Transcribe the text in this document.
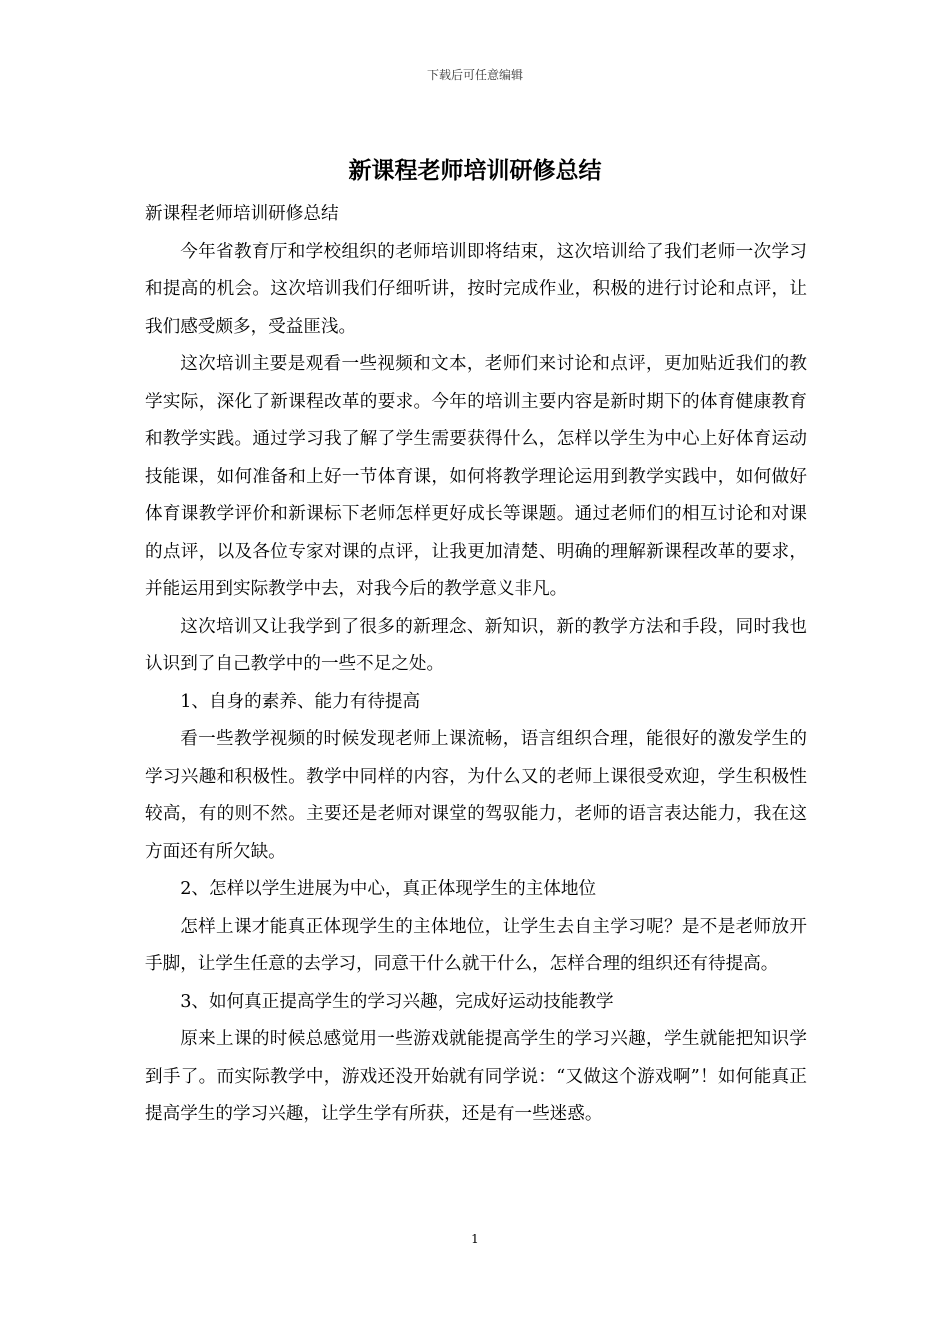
下载后可任意编辑
新课程老师培训研修总结

新课程老师培训研修总结

今年省教育厅和学校组织的老师培训即将结束，这次培训给了我们老师一次学习和提高的机会。这次培训我们仔细听讲，按时完成作业，积极的进行讨论和点评，让我们感受颇多，受益匪浅。

这次培训主要是观看一些视频和文本，老师们来讨论和点评，更加贴近我们的教学实际，深化了新课程改革的要求。今年的培训主要内容是新时期下的体育健康教育和教学实践。通过学习我了解了学生需要获得什么，怎样以学生为中心上好体育运动技能课，如何准备和上好一节体育课，如何将教学理论运用到教学实践中，如何做好体育课教学评价和新课标下老师怎样更好成长等课题。通过老师们的相互讨论和对课的点评，以及各位专家对课的点评，让我更加清楚、明确的理解新课程改革的要求，并能运用到实际教学中去，对我今后的教学意义非凡。

这次培训又让我学到了很多的新理念、新知识，新的教学方法和手段，同时我也认识到了自己教学中的一些不足之处。

1、自身的素养、能力有待提高

看一些教学视频的时候发现老师上课流畅，语言组织合理，能很好的激发学生的学习兴趣和积极性。教学中同样的内容，为什么又的老师上课很受欢迎，学生积极性较高，有的则不然。主要还是老师对课堂的驾驭能力，老师的语言表达能力，我在这方面还有所欠缺。

2、怎样以学生进展为中心，真正体现学生的主体地位

怎样上课才能真正体现学生的主体地位，让学生去自主学习呢？是不是老师放开手脚，让学生任意的去学习，同意干什么就干什么，怎样合理的组织还有待提高。

3、如何真正提高学生的学习兴趣，完成好运动技能教学

原来上课的时候总感觉用一些游戏就能提高学生的学习兴趣，学生就能把知识学到手了。而实际教学中，游戏还没开始就有同学说：“又做这个游戏啊”！如何能真正提高学生的学习兴趣，让学生学有所获，还是有一些迷惑。

1
